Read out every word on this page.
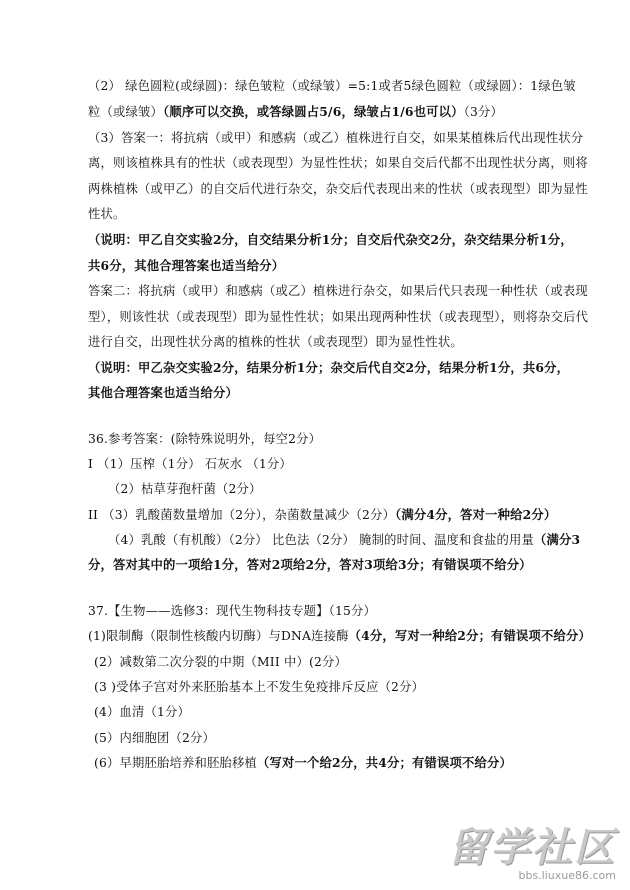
（2） 绿色圆粒(或绿圆)：绿色皱粒（或绿皱）=5:1或者5绿色圆粒（或绿圆）：1绿色皱
粒（或绿皱）（顺序可以交换，或答绿圆占5/6，绿皱占1/6也可以）（3分）
（3）答案一：将抗病（或甲）和感病（或乙）植株进行自交，如果某植株后代出现性状分
离，则该植株具有的性状（或表现型）为显性性状；如果自交后代都不出现性状分离，则将
两株植株（或甲乙）的自交后代进行杂交，杂交后代表现出来的性状（或表现型）即为显性
性状。
（说明：甲乙自交实验2分，自交结果分析1分；自交后代杂交2分，杂交结果分析1分，
共6分，其他合理答案也适当给分）
答案二：将抗病（或甲）和感病（或乙）植株进行杂交，如果后代只表现一种性状（或表现
型），则该性状（或表现型）即为显性性状；如果出现两种性状（或表现型），则将杂交后代
进行自交，出现性状分离的植株的性状（或表现型）即为显性性状。
（说明：甲乙杂交实验2分，结果分析1分；杂交后代自交2分，结果分析1分，共6分，
其他合理答案也适当给分）
36.参考答案：(除特殊说明外，每空2分）
I （1）压榨（1分） 石灰水 （1分）
（2）枯草芽孢杆菌（2分）
II （3）乳酸菌数量增加（2分），杂菌数量减少（2分）（满分4分，答对一种给2分）
（4）乳酸（有机酸）（2分） 比色法（2分） 腌制的时间、温度和食盐的用量（满分3
分，答对其中的一项给1分，答对2项给2分，答对3项给3分；有错误项不给分）
37.【生物——选修3：现代生物科技专题】（15分）
(1)限制酶（限制性核酸内切酶）与DNA连接酶（4分，写对一种给2分；有错误项不给分）
(2）减数第二次分裂的中期（MII 中）(2分）
(3 )受体子宫对外来胚胎基本上不发生免疫排斥反应（2分）
(4）血清（1分）
(5）内细胞团（2分）
(6）早期胚胎培养和胚胎移植（写对一个给2分，共4分；有错误项不给分）
留学社区
bbs.liuxue86.com
